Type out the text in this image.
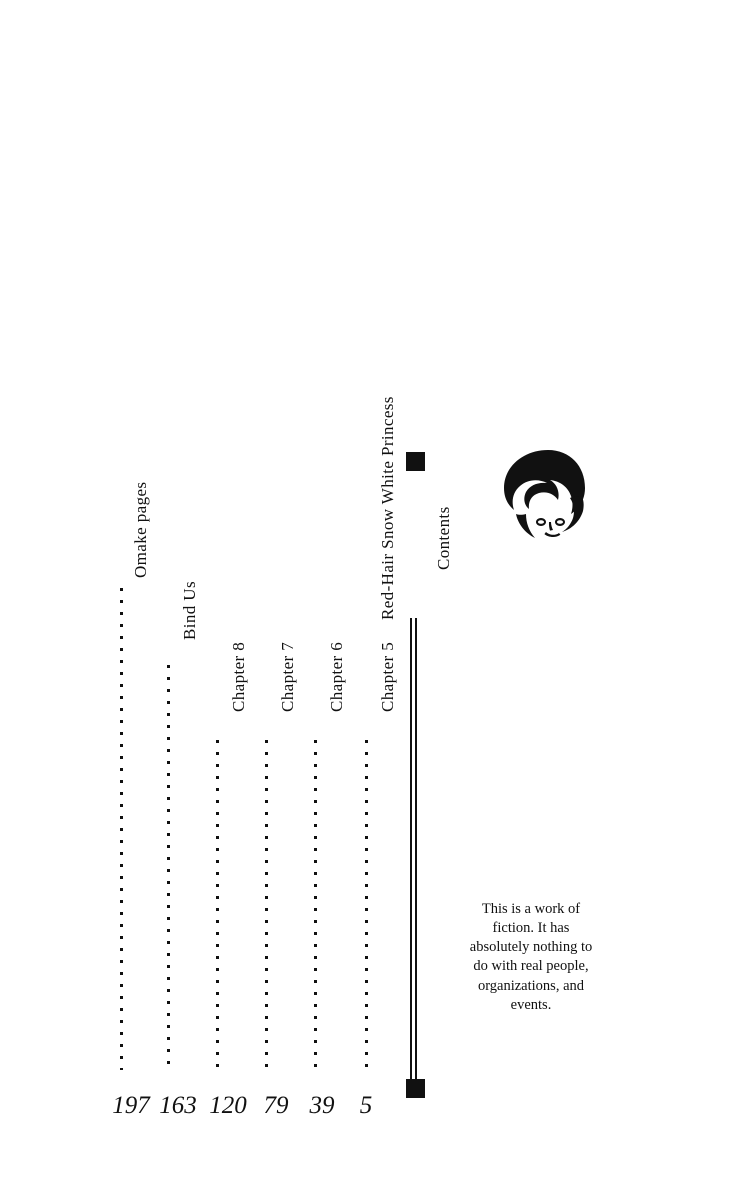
Contents
Chapter 5
Red-Hair Snow White Princess
5
Chapter 6
39
Chapter 7
79
Chapter 8
120
Bind Us
163
Omake pages
197
This is a work of fiction. It has absolutely nothing to do with real people, organizations, and events.
